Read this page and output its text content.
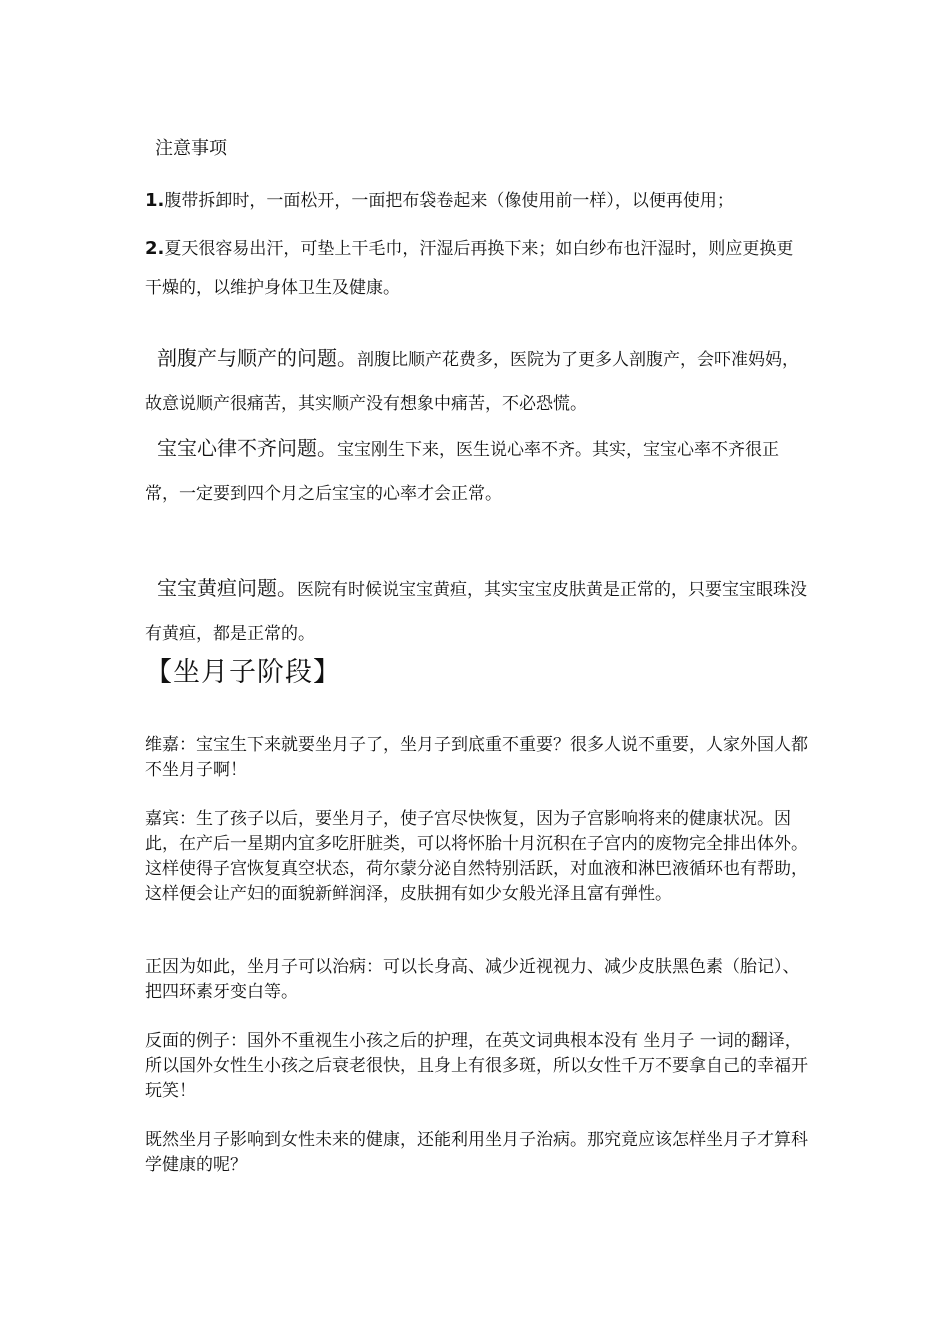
注意事项

1.腹带拆卸时，一面松开，一面把布袋卷起来（像使用前一样），以便再使用；

2.夏天很容易出汗，可垫上干毛巾，汗湿后再换下来；如白纱布也汗湿时，则应更换更干燥的，以维护身体卫生及健康。

剖腹产与顺产的问题。剖腹比顺产花费多，医院为了更多人剖腹产，会吓准妈妈，故意说顺产很痛苦，其实顺产没有想象中痛苦，不必恐慌。

宝宝心律不齐问题。宝宝刚生下来，医生说心率不齐。其实，宝宝心率不齐很正常，一定要到四个月之后宝宝的心率才会正常。

宝宝黄疸问题。医院有时候说宝宝黄疸，其实宝宝皮肤黄是正常的，只要宝宝眼珠没有黄疸，都是正常的。

【坐月子阶段】

维嘉：宝宝生下来就要坐月子了，坐月子到底重不重要？很多人说不重要，人家外国人都不坐月子啊！

嘉宾：生了孩子以后，要坐月子，使子宫尽快恢复，因为子宫影响将来的健康状况。因此，在产后一星期内宜多吃肝脏类，可以将怀胎十月沉积在子宫内的废物完全排出体外。这样使得子宫恢复真空状态，荷尔蒙分泌自然特别活跃，对血液和淋巴液循环也有帮助，这样便会让产妇的面貌新鲜润泽，皮肤拥有如少女般光泽且富有弹性。

正因为如此，坐月子可以治病：可以长身高、减少近视视力、减少皮肤黑色素（胎记）、把四环素牙变白等。

反面的例子：国外不重视生小孩之后的护理，在英文词典根本没有 坐月子 一词的翻译，所以国外女性生小孩之后衰老很快，且身上有很多斑，所以女性千万不要拿自己的幸福开玩笑！

既然坐月子影响到女性未来的健康，还能利用坐月子治病。那究竟应该怎样坐月子才算科学健康的呢？
